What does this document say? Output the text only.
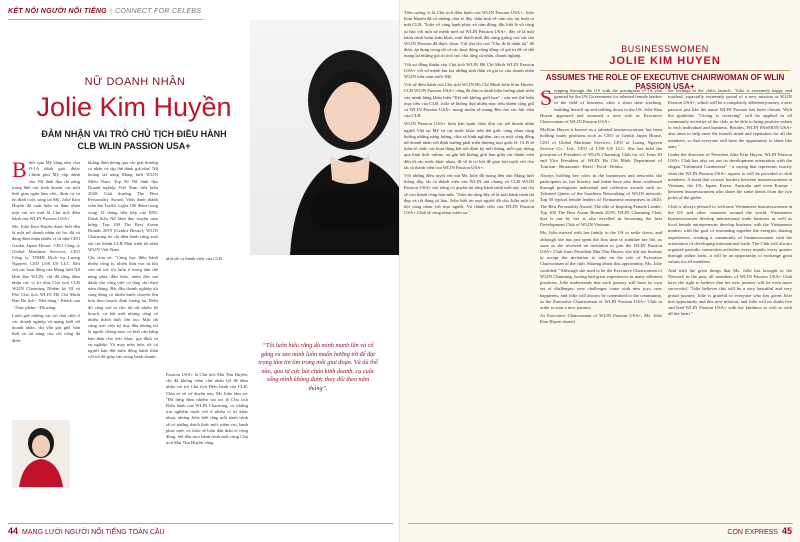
KẾT NỐI NGƯỜI NỔI TIẾNG | CONNECT FOR CELEBS
NỮ DOANH NHÂN
Jolie Kim Huyền
ĐẢM NHẬN VAI TRÒ CHỦ TỊCH ĐIỀU HÀNH CLB WLIN PASSION USA+

Bước qua Mỹ bằng tấm visa O-1A dành giỏi được Chính phủ Mỹ cấp dành cho Nữ lãnh đạo tài năng trong lĩnh vực kinh doanh, các mối thời gian ngắn làm việc, định cư và ổn định cuộc sống tại Mỹ, Jolie Kim Huyền đã xuất hiện và đảm nhận một vai trò mới là Chủ tịch điều hành của WLIN Passion USA+.

Ms. Jolie Kim Huyền được biết đến là một nữ doanh nhân tài ba, đã và đang đảm nhận nhiều vị trí như CEO Genkit Japan House, CEO Công ty Global Maritime Services, CEO Công ty TNHH Dịch vụ Luong Nguyen, CEO LNS US LLC. Đối với các hoạt động của Mạng lưới Nữ lãnh đạo WLIN, chị đã từng đảm nhận các vị trí như Chủ tịch CLB WLIN Charming Nhiệm kỳ III và Phó Chủ tịch WLIN Hồ Chí Minh Ban Du lịch - Nhà hàng - Khách sạn - Thực phẩm - Đồ uống.

Luôn giữ những vai trò chủ chốt ở các doanh nghiệp và mạng lưới nữ doanh nhân, chị vẫn gìn giữ, bản lĩnh và tài năng của chị cũng đã được

khẳng định thông qua các giải thưởng cá nhân và tập thể danh giá như: Nữ hoàng tài năng Mạng lưới WLIN Miền Nam; Top 50 Nữ lãnh đạo Doanh nghiệp Việt Nam tiêu biểu 2020; Giải thưởng The Best Personality Award; Vinh danh thành viên đạt Traffic Light 100 điểm trong vòng 12 tháng liên tiếp của BNI; Danh hiệu Nữ lãnh đạo truyền cảm hứng; Top 100 The Best Asean Brands 2019 (Genkit House); WLIN Charming do chị điều hành cũng xuất sắc trở thành CLB Phát triển tốt nhất WLIN Việt Nam.

Chị chia sẻ: "Cùng học điều hành nhiều công ty, nhiều lĩnh vực từ khi còn rất trẻ, tôi luôn ở trong tâm thế năng phía, đầu thảo, mềm dẻo mà dành cho công việc có tầng cho theo năm tháng. Bắt đầu doanh nghiệp tôi càng đòng có nhiều bước chuyển lớn hơn theo hoạch định tương lai. Điều đó càng mở ra cho tôi rất nhiều kế hoạch, cơ hội mới nhưng cũng có nhiều thách thức lớn lao. Mặc dù cũng trực việc ký duy đầu nhưng tôi là người chồng mực vô biết cân bằng bản thân cho việc khác, gia đình và sự nghiệp. Và may mắn hơn, tôi có người bạn đời luôn đồng hành thân với tôi để giúp sức trong hành doanh.

như tất cả thành viên của CLB.

“Tôi luôn hiểu rằng dù mình mạnh lẫn và cố gắng ra sao mình luôn muốn hướng tới để đạt trọng tâm tin tìm trong mỗi giai đoạn. Và dù thế nào, qua tự cực bài cháo kinh doanh, cụ cuộc sống mình không được thay đổi theo năm tháng”.

Passion USA+ là Chủ tịch Mai Thu Huyền, chị đã không chần chừ nhận lời để đảm nhận vai trò Chủ tịch Điều hành của CLB. Chia sẻ về cơ duyên này, Ms Jolie tâm sự: "Đã từng đảm nhiệm vai trò là Chủ tịch Điều hành của WLIN Charming, có những trải nghiệm tuyệt vời ở nhiều vị trí khác nhau, nhưng Jolie biết rằng mỗi hành trình sẽ có những thách thức mới, niềm vui, hạnh phúc mới, và Jolie sẽ luôn dấn thân vì cộng đồng, hết đầu mọi hành trình mới cùng Chủ tịch Mai Thu Huyền cũng

44 MẠNG LƯỚI NGƯỜI NỔI TIẾNG TOÀN CẦU

Trên cương vị là Chủ tịch điều hành của WLIN Passion USA+, Jolie Kim Huyền đã có những chia sẻ đầy chân tình về cảm xúc tại buổi ra mắt CLB: "Jolie vô cùng hạnh phúc và cảm động, đặc biệt là vô cùng tự hào với một sứ mệnh mới tại WLIN Passion USA+, đây sẽ là một hành trình hoàn toàn khác, một thách mới đối cùng giống của các tân WLIN Passion đã được chọn. Với tôn chỉ của "Cho đi là nhận lại" để được áp dụng trong tất cả các hoạt động cũng đồng cố giá trị để cố thể mang lại những giá trị tích cực cho từng cá nhân, doanh nghiệp.

Với sự đồng thuận của Chủ tịch WLIN Hồ Chí Minh WLIN Passion USA+ với sứ mệnh lan tỏa những tinh thần và giá trị của doanh nhân WLIN trên toàn nước Mỹ.

Vời sứ điều hành của Chủ tịch WLIN Hồ Chí Minh Jolie Kim Huyền, CLB WLIN Passion USA+ cũng đã đưa ra danh hiệu hướng phát triển của mình bằng khẩu hiệu "Kết nối không giới hạn" - câu nói thể hiện mục tiêu của CLB. Jolie sẽ không dựa nhiều mục tiêu nhiên cộng giữ cả WLIN Passion USA+ mong muốn sẽ mang đến cho các hội viên của CLB.

WLIN Passion USA+ luôn hân hạnh chào đón các nữ doanh nhân người Việt tại Mỹ và các nước khác trên thế giới, cùng nhau cùng hướng những năng lượng, chia sẻ kinh nghiệm, tạo ra một cộng đồng nữ doanh nhân với định hướng phát triển thương mại quốc tế. CLB sẽ luôn tổ chức các hoạt động kết nối định kỳ mỗi tháng, mỗi quý thông qua hình thức online, sự gắn kết không giới hạn giữa các thành viên đến từ các nước khác nhau, để sẽ là cơ hội để giao lưu tuyệt vời cho tất cả thành viên của WLIN Passion USA+.

Với những điều tuyệt vời mà Ms Jolie đã mang đến cho Mạng lưới thông đây, tất cả thành viên của WLIN nói chung và CLB WLIN Passion USA+ nói riêng có quyền tin rằng hành trình mới này của chị sẽ còn thành công hơn nữa. "Jolie tin rằng đây sẽ là một hành trình rất đẹp và rất đáng tự hào, Jolie biết ơn mọi người đã cho Jolie một cơ hội cùng nhau với mọi người. Và thành viên của WLIN Passion USA+ Club sẽ cùng nhau vươn xa."

BUSINESSWOMEN
JOLIE KIM HUYEN
ASSUMES THE ROLE OF EXECUTIVE CHAIRWOMAN OF WLIN PASSION USA+

Stepping through the US with the prestigious O-1A visa granted by the US Government for talented female leaders in the field of business, after a short time working, building herself up and settling down in the US, Jolie Kim Huyen appeared and assumed a new role as Executive Chairwoman of WLIN Passion USA+.

Ms.Kim Huyen is known as a talented businesswoman, has been holding many positions such as CEO of Genkit Japan House, CEO of Global Maritime Services, CEO of Luong Nguyen Service Co., Ltd., CEO of LNS US LLC. She has held the positions of President of WLIN Charming Club for it's Term III and Vice President of WLIN Ho Chi Minh Department of Tourism - Restaurant - Hotel - Food - Drinks.

Always holding key roles in the businesses and networks she participates in, her bravery and talent have also been confirmed through prestigious individual and collective awards such as: Talented Queen of the Southern Networking of WLIN network; Top 50 typical female leaders of Vietnamese enterprises in 2020; The Best Personality Award; The title of Inspiring Female Leader; Top 100 The Best Asean Brands 2019; WLIN Charming Club, that is run by her is also excelled in becoming the best Development Club of WLIN Vietnam.

Ms. Jolie moved with her family to the US to settle down, and although she has just spent the first time to stabilize her life, as soon as she received an invitation to join the WLIN Passion USA+ Club from President Mai Thu Huyen, she did not hesitate to accept the invitation to take on the role of Executive Chairwoman of the club. Sharing about this opportunity, Ms. Jolie confided: "Although she used to be the Executive Chairwoman of WLIN Charming, having had great experiences in many different positions, Jolie understands that each journey will have its own set of challenges: new challenges come with new joys, new happiness, and Jolie will always be committed to the community, as the Executive Chairwoman of WLIN Passion USA+ Club in order to start a new journey.

As Executive Chairwoman of WLIN Passion USA+, Ms. Jolie Kim Huyen shared

her feelings at the club's launch: "Jolie is extremely happy and touched, especially extremely proud of a new mission at WLIN Passion USA+, which will be a completely different journey, a new passion just like the name WLIN Passion has been chosen. With the guideline "Giving is receiving" will be applied in all community activities of the club, to be able to bring positive values to each individual and business. Besides, WLIN PASSION USA+ also aims to help raise the brand's mind and reputation for all the members, so that everyone will have the opportunity to shine like stars."

Under the direction of President Jolie Kim Huyen, WLIN Passion USA+ Club has also set out its development orientation with the slogan "Unlimited Connection" - a saying that represents exactly what the WLIN Passion USA+ aspires to will be provided to club members. A bond that crosses borders between businesswomen in Vietnam, the US, Japan, Korea, Australia and even Europe - between businesswomen who share the same ideals from the two poles of the globe.

Club is always pleased to welcome Vietnamese businesswomen in the US and other countries around the world, Vietnamese businesswomen develop international trade business as well as local female entrepreneurs develop business with the Vietnamese market, with the goal of resonating together the energies, sharing experiences, creating a community of businesswomen with the orientation of developing international trade. The Club will always organize periodic connection activities every month, every quarter through online form, it will be an opportunity to exchange great values for all members.

And with the great things that Ms. Jolie has brought to the Network in the past, all members of WLIN Passion USA+ Club have the right to believe that her new journey will be even more successful. "Jolie believes this will be a very beautiful and very proud journey, Jolie is grateful to everyone who has given Jolie this opportunity and this new mission, and Jolie will no doubt live and lead WLIN Passion USA+ with her kindness as well as with all her heart."

CON EXPRESS 45
